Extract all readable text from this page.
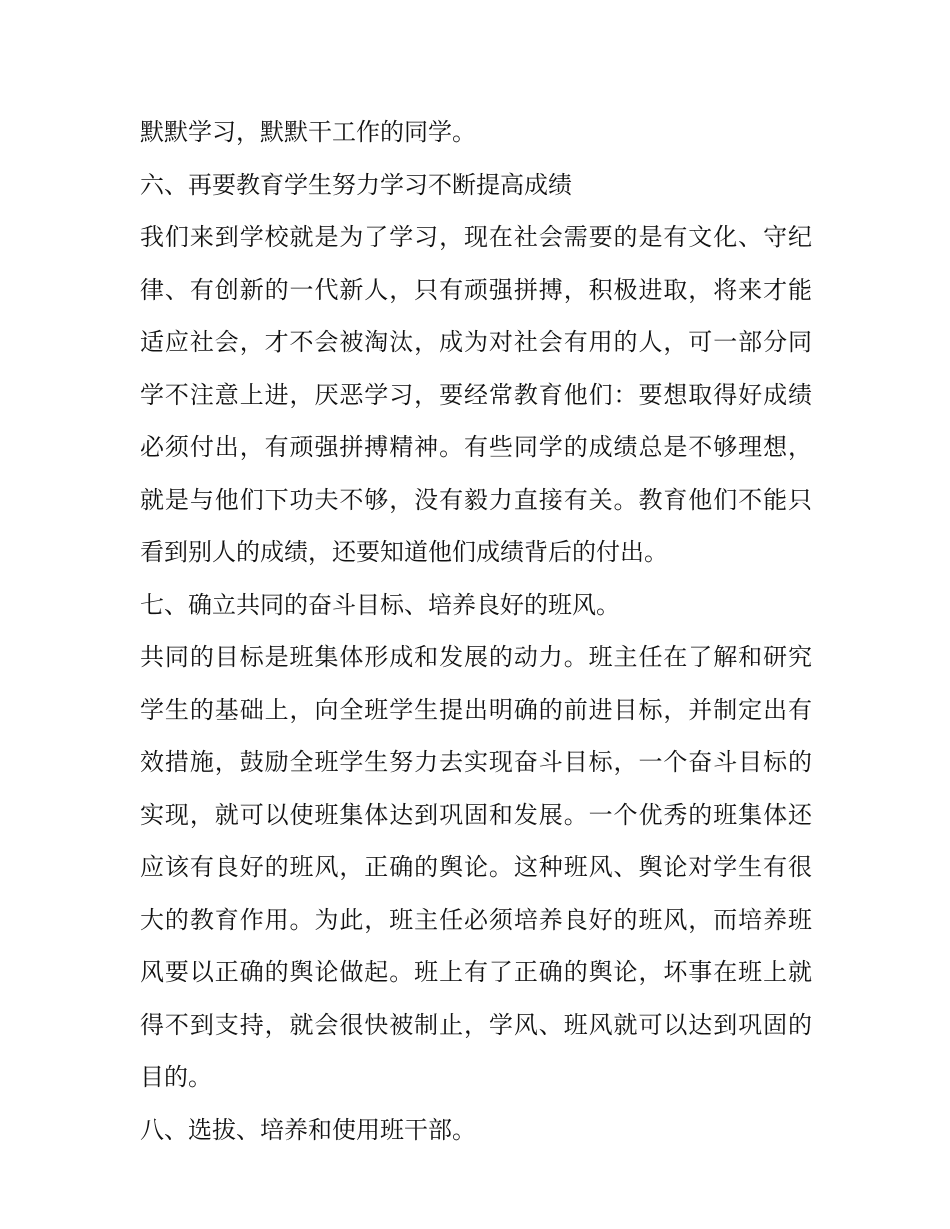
默默学习，默默干工作的同学。
六、再要教育学生努力学习不断提高成绩
我们来到学校就是为了学习，现在社会需要的是有文化、守纪
律、有创新的一代新人，只有顽强拼搏，积极进取，将来才能
适应社会，才不会被淘汰，成为对社会有用的人，可一部分同
学不注意上进，厌恶学习，要经常教育他们：要想取得好成绩
必须付出，有顽强拼搏精神。有些同学的成绩总是不够理想，
就是与他们下功夫不够，没有毅力直接有关。教育他们不能只
看到别人的成绩，还要知道他们成绩背后的付出。
七、确立共同的奋斗目标、培养良好的班风。
共同的目标是班集体形成和发展的动力。班主任在了解和研究
学生的基础上，向全班学生提出明确的前进目标，并制定出有
效措施，鼓励全班学生努力去实现奋斗目标，一个奋斗目标的
实现，就可以使班集体达到巩固和发展。一个优秀的班集体还
应该有良好的班风，正确的舆论。这种班风、舆论对学生有很
大的教育作用。为此，班主任必须培养良好的班风，而培养班
风要以正确的舆论做起。班上有了正确的舆论，坏事在班上就
得不到支持，就会很快被制止，学风、班风就可以达到巩固的
目的。
八、选拔、培养和使用班干部。
